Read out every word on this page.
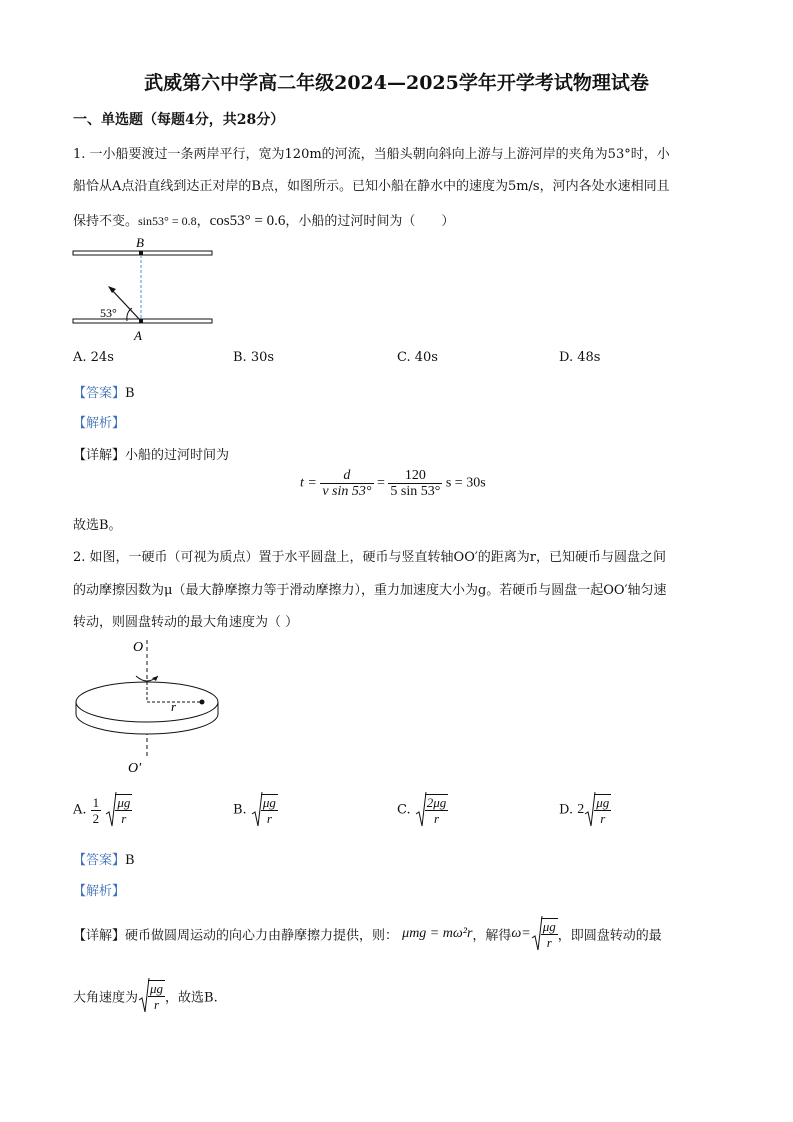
武威第六中学高二年级2024—2025学年开学考试物理试卷
一、单选题（每题4分，共28分）
1. 一小船要渡过一条两岸平行，宽为120m的河流，当船头朝向斜向上游与上游河岸的夹角为53°时，小
船恰从A点沿直线到达正对岸的B点，如图所示。已知小船在静水中的速度为5m/s，河内各处水速相同且
保持不变。sin53° = 0.8，cos53° = 0.6，小船的过河时间为（　　）
B
A
53°
A. 24s	B. 30s	C. 40s	D. 48s
【答案】B
【解析】
【详解】小船的过河时间为
$t = \frac{d}{\text{v sin 53°}} = \frac{120}{5 \sin 53^\circ}$ s = 30s
故选B。
2. 如图，一硬币（可视为质点）置于水平圆盘上，硬币与竖直转轴OO′的距离为r，已知硬币与圆盘之间
的动摩擦因数为μ（最大静摩擦力等于滑动摩擦力），重力加速度大小为g。若硬币与圆盘一起OO′轴匀速
转动，则圆盘转动的最大角速度为（ ）
O
O′
r
A. $\frac{1}{2}$
$\frac{\mu g}{r}$	B. $\frac{\mu g}{r}$	C. $\frac{2\mu g}{r}$	D. $2 \frac{\mu g}{r}$
【答案】B
【解析】
【详解】硬币做圆周运动的向心力由静摩擦力提供，则： μmg = mω²r，解得$\omega= \frac{\mu g}{r}$ ，即圆盘转动的最
大角速度为 $\frac{\mu g}{r}$ ，故选B.
